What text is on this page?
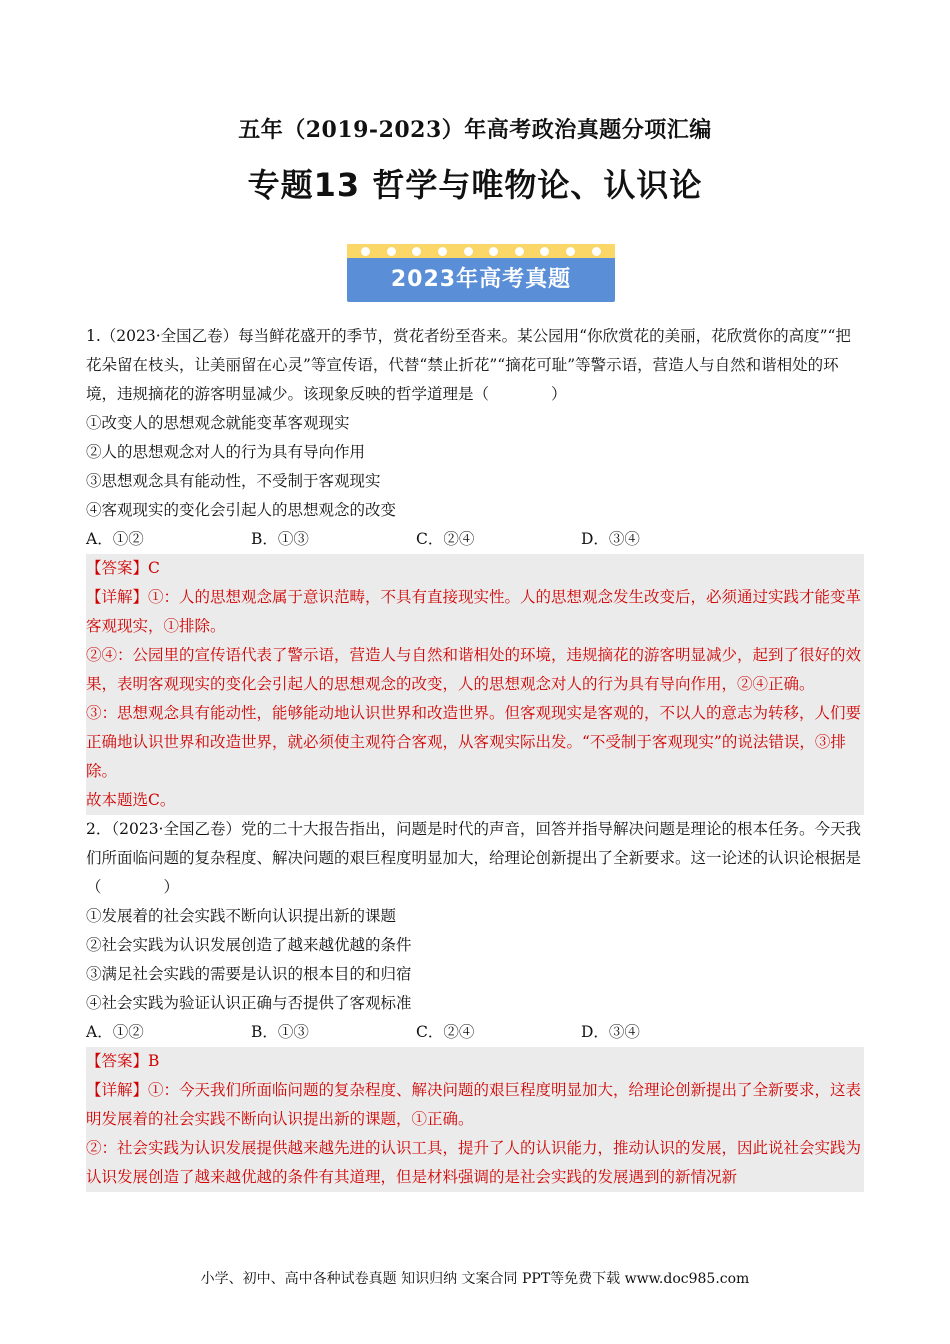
五年（2019-2023）年高考政治真题分项汇编
专题13 哲学与唯物论、认识论
2023年高考真题

1.（2023·全国乙卷）每当鲜花盛开的季节，赏花者纷至沓来。某公园用“你欣赏花的美丽，花欣赏你的高度”“把花朵留在枝头，让美丽留在心灵”等宣传语，代替“禁止折花”“摘花可耻”等警示语，营造人与自然和谐相处的环境，违规摘花的游客明显减少。该现象反映的哲学道理是（　　　　）

①改变人的思想观念就能变革客观现实

②人的思想观念对人的行为具有导向作用

③思想观念具有能动性，不受制于客观现实

④客观现实的变化会引起人的思想观念的改变

A．①②	B．①③	C．②④	D．③④

【答案】C

【详解】①：人的思想观念属于意识范畴，不具有直接现实性。人的思想观念发生改变后，必须通过实践才能变革客观现实，①排除。

②④：公园里的宣传语代表了警示语，营造人与自然和谐相处的环境，违规摘花的游客明显减少，起到了很好的效果，表明客观现实的变化会引起人的思想观念的改变，人的思想观念对人的行为具有导向作用，②④正确。

③：思想观念具有能动性，能够能动地认识世界和改造世界。但客观现实是客观的，不以人的意志为转移，人们要正确地认识世界和改造世界，就必须使主观符合客观，从客观实际出发。“不受制于客观现实”的说法错误，③排除。

故本题选C。

2．（2023·全国乙卷）党的二十大报告指出，问题是时代的声音，回答并指导解决问题是理论的根本任务。今天我们所面临问题的复杂程度、解决问题的艰巨程度明显加大，给理论创新提出了全新要求。这一论述的认识论根据是（　　　　）

①发展着的社会实践不断向认识提出新的课题

②社会实践为认识发展创造了越来越优越的条件

③满足社会实践的需要是认识的根本目的和归宿

④社会实践为验证认识正确与否提供了客观标准

A．①②	B．①③	C．②④	D．③④

【答案】B

【详解】①：今天我们所面临问题的复杂程度、解决问题的艰巨程度明显加大，给理论创新提出了全新要求，这表明发展着的社会实践不断向认识提出新的课题，①正确。

②：社会实践为认识发展提供越来越先进的认识工具，提升了人的认识能力，推动认识的发展，因此说社会实践为认识发展创造了越来越优越的条件有其道理，但是材料强调的是社会实践的发展遇到的新情况新

小学、初中、高中各种试卷真题 知识归纳 文案合同 PPT等免费下载 www.doc985.com
